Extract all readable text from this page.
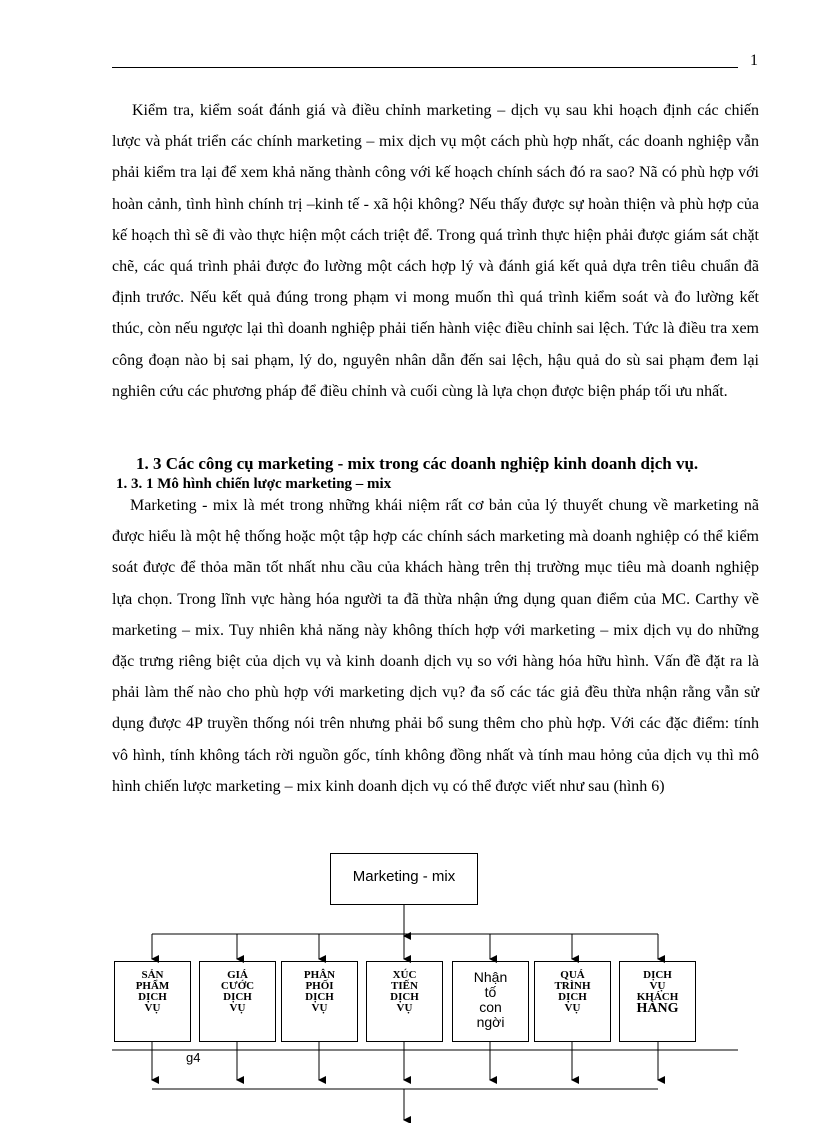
1

Kiểm tra, kiểm soát đánh giá và điều chỉnh marketing – dịch vụ sau khi hoạch định các chiến lược và phát triển các chính marketing – mix dịch vụ một cách phù hợp nhất, các doanh nghiệp vẫn phải kiểm tra lại để xem khả năng thành công với kế hoạch chính sách đó ra sao? Nã có phù hợp với hoàn cảnh, tình hình chính trị –kinh tế - xã hội không? Nếu thấy được sự hoàn thiện và phù hợp của kế hoạch thì sẽ đi vào thực hiện một cách triệt để. Trong quá trình thực hiện phải được giám sát chặt chẽ, các quá trình phải được đo lường một cách hợp lý và đánh giá kết quả dựa trên tiêu chuẩn đã định trước. Nếu kết quả đúng trong phạm vi mong muốn thì quá trình kiểm soát và đo lường kết thúc, còn nếu ngược lại thì doanh nghiệp phải tiến hành việc điều chỉnh sai lệch. Tức là điều tra xem công đoạn nào bị sai phạm, lý do, nguyên nhân dẫn đến sai lệch, hậu quả do sù sai phạm đem lại nghiên cứu các phương pháp để điều chỉnh và cuối cùng là lựa chọn được biện pháp tối ưu nhất.

1. 3 Các công cụ marketing - mix trong các doanh nghiệp kinh doanh dịch vụ.
1. 3. 1 Mô hình chiến lược marketing – mix

Marketing - mix là mét trong những khái niệm rất cơ bản của lý thuyết chung về marketing nã được hiểu là một hệ thống hoặc một tập hợp các chính sách marketing mà doanh nghiệp có thể kiểm soát được để thỏa mãn tốt nhất nhu cầu của khách hàng trên thị trường mục tiêu mà doanh nghiệp lựa chọn. Trong lĩnh vực hàng hóa người ta đã thừa nhận ứng dụng quan điểm của MC. Carthy về marketing – mix. Tuy nhiên khả năng này không thích hợp với marketing – mix dịch vụ do những đặc trưng riêng biệt của dịch vụ và kinh doanh dịch vụ so với hàng hóa hữu hình. Vấn đề đặt ra là phải làm thế nào cho phù hợp với marketing dịch vụ? đa số các tác giả đều thừa nhận rằng vẫn sử dụng được 4P truyền thống nói trên nhưng phải bổ sung thêm cho phù hợp. Với các đặc điểm: tính vô hình, tính không tách rời nguồn gốc, tính không đồng nhất và tính mau hỏng của dịch vụ thì mô hình chiến lược marketing – mix kinh doanh dịch vụ có thể được viết như sau (hình 6)

Marketing - mix
SẢN
PHẨM
DỊCH
VỤ
GIÁ
CƯỚC
DỊCH
VỤ
PHÂN
PHỐI
DỊCH
VỤ
XÚC
TIẾN
DỊCH
VỤ
Nhận
tố
con
ngời
QUÁ
TRÌNH
DỊCH
VỤ
DỊCH
VỤ
KHÁCH
HÀNG
g4
